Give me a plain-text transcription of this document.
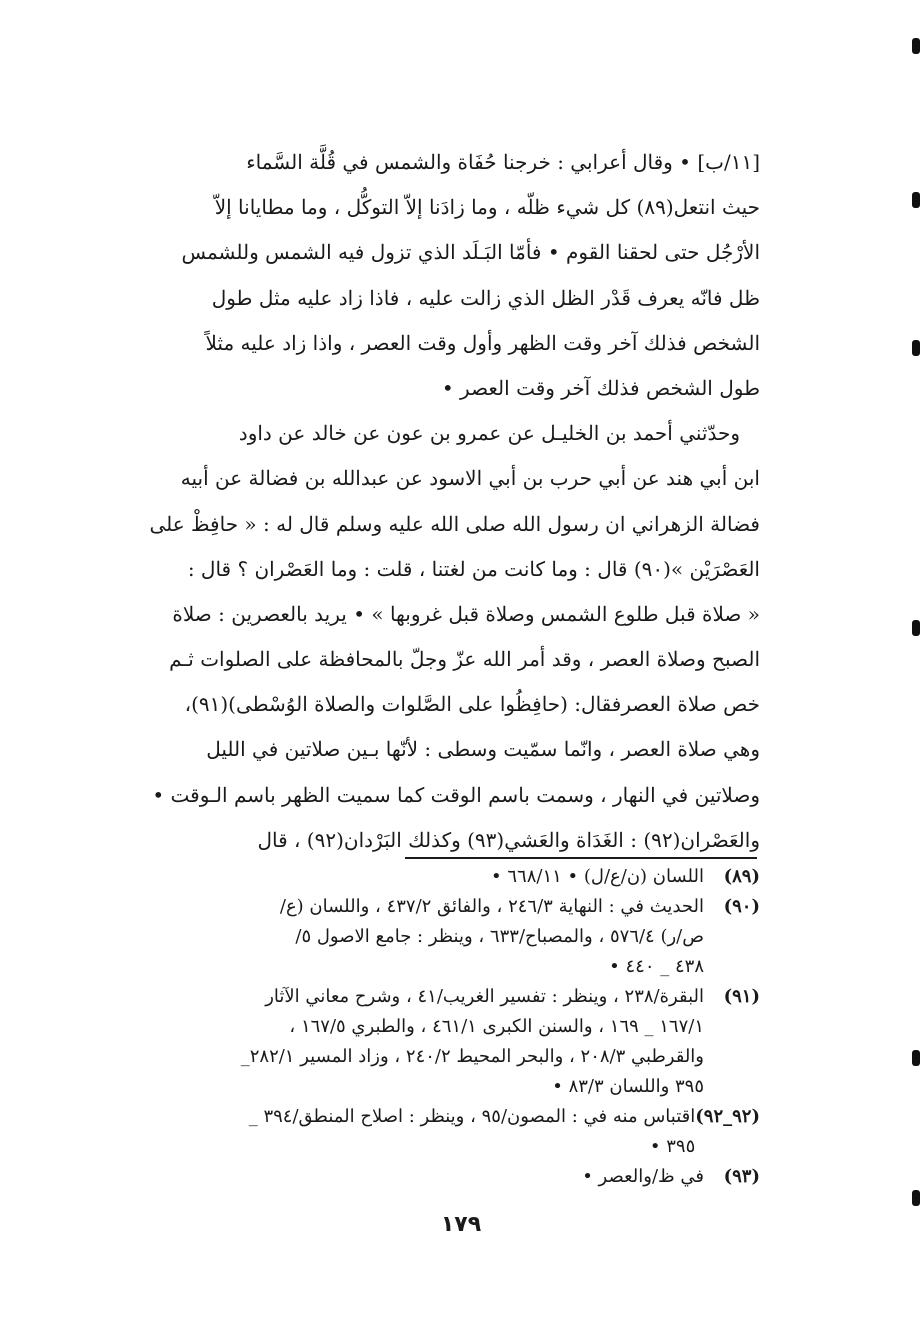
[١١/ب] • وقال أعرابي : خرجنا حُفَاة والشمس في قُلَّة السَّماء
حيث انتعل(٨٩) كل شيء ظلّه ، وما زادَنا إلاّ التوكُّل ، وما مطايانا إلاّ
الأرْجُل حتى لحقنا القوم • فأمّا البَـلَد الذي تزول فيه الشمس وللشمس
ظل فانّه يعرف قَدْر الظل الذي زالت عليه ، فاذا زاد عليه مثل طول
الشخص فذلك آخر وقت الظهر وأول وقت العصر ، واذا زاد عليه مثلاً
طول الشخص فذلك آخر وقت العصر •
وحدّثني أحمد بن الخليـل عن عمرو بن عون عن خالد عن داود
ابن أبي هند عن أبي حرب بن أبي الاسود عن عبدالله بن فضالة عن أبيه
فضالة الزهراني ان رسول الله صلى الله عليه وسلم قال له : « حافِظْ على
العَصْرَيْن »(٩٠) قال : وما كانت من لغتنا ، قلت : وما العَصْران ؟ قال :
« صلاة قبل طلوع الشمس وصلاة قبل غروبها » • يريد بالعصرين : صلاة
الصبح وصلاة العصر ، وقد أمر الله عزّ وجلّ بالمحافظة على الصلوات ثـم
خص صلاة العصرفقال: (حافِظُوا على الصَّلوات والصلاة الوُسْطى)(٩١)،
وهي صلاة العصر ، وانّما سمّيت وسطى : لأنّها بـين صلاتين في الليل
وصلاتين في النهار ، وسمت باسم الوقت كما سميت الظهر باسم الـوقت •
والعَصْران(٩٢) : الغَدَاة والعَشي(٩٣) وكذلك البَرْدان(٩٢) ، قال
(٨٩)
اللسان (ن/ع/ل) • ٦٦٨/١١ •
(٩٠)
الحديث في : النهاية ٢٤٦/٣ ، والفائق ٤٣٧/٢ ، واللسان (ع/
ص/ر) ٥٧٦/٤ ، والمصباح/٦٣٣ ، وينظر : جامع الاصول ٥/
٤٣٨ _ ٤٤٠ •
(٩١)
البقرة/٢٣٨ ، وينظر : تفسير الغريب/٤١ ، وشرح معاني الآثار
١٦٧/١ _ ١٦٩ ، والسنن الكبرى ٤٦١/١ ، والطبري ١٦٧/٥ ،
والقرطبي ٢٠٨/٣ ، والبحر المحيط ٢٤٠/٢ ، وزاد المسير ٢٨٢/١_
٣٩٥ واللسان ٨٣/٣ •
(٩٢_٩٢)
اقتباس منه في : المصون/٩٥ ، وينظر : اصلاح المنطق/٣٩٤ _
٣٩٥ •
(٩٣)
في ظ/والعصر •
١٧٩
